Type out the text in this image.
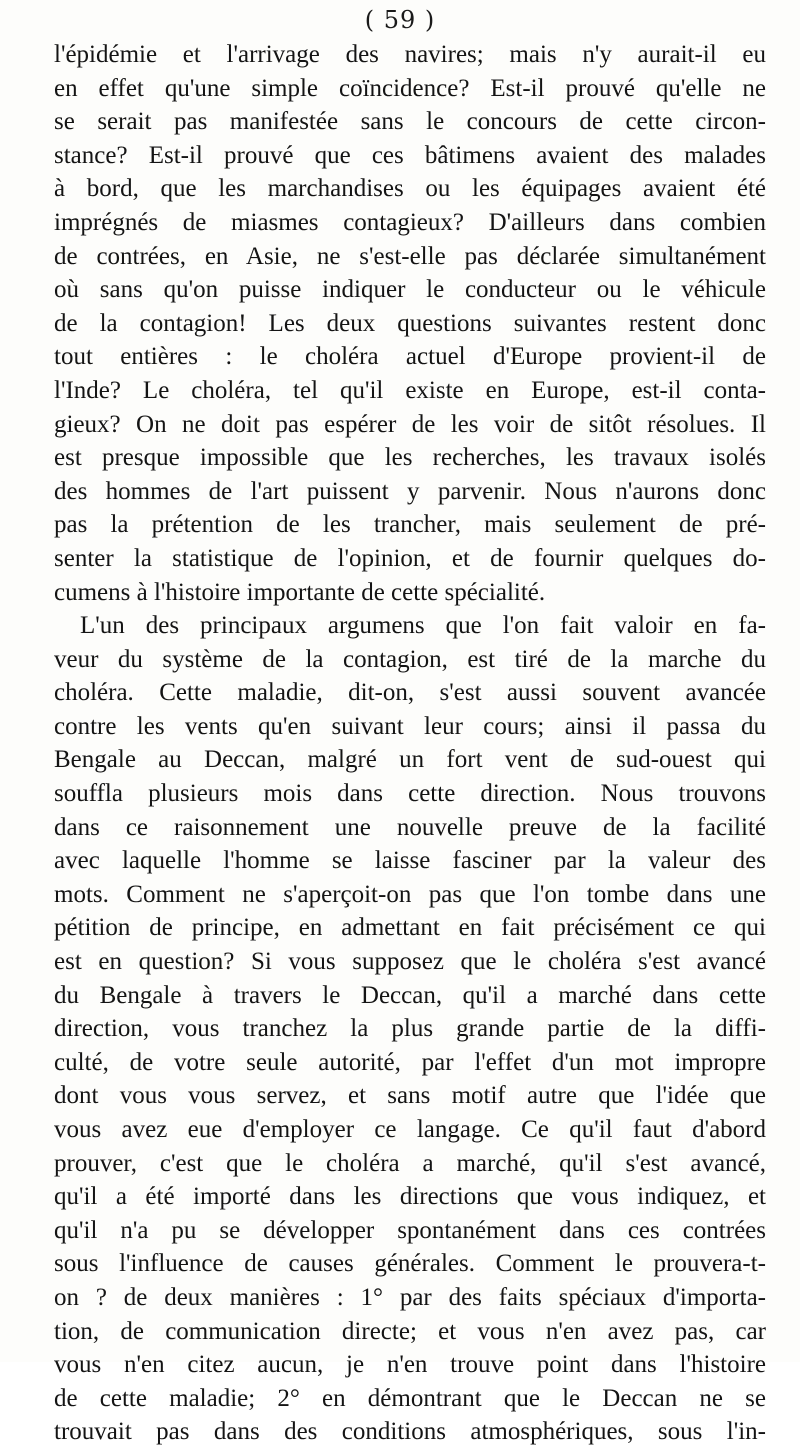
( 59 )
l'épidémie et l'arrivage des navires; mais n'y aurait-il eu
en effet qu'une simple coïncidence? Est-il prouvé qu'elle ne
se serait pas manifestée sans le concours de cette circon-
stance? Est-il prouvé que ces bâtimens avaient des malades
à bord, que les marchandises ou les équipages avaient été
imprégnés de miasmes contagieux? D'ailleurs dans combien
de contrées, en Asie, ne s'est-elle pas déclarée simultanément
où sans qu'on puisse indiquer le conducteur ou le véhicule
de la contagion! Les deux questions suivantes restent donc
tout entières : le choléra actuel d'Europe provient-il de
l'Inde? Le choléra, tel qu'il existe en Europe, est-il conta-
gieux? On ne doit pas espérer de les voir de sitôt résolues. Il
est presque impossible que les recherches, les travaux isolés
des hommes de l'art puissent y parvenir. Nous n'aurons donc
pas la prétention de les trancher, mais seulement de pré-
senter la statistique de l'opinion, et de fournir quelques do-
cumens à l'histoire importante de cette spécialité.
L'un des principaux argumens que l'on fait valoir en fa-
veur du système de la contagion, est tiré de la marche du
choléra. Cette maladie, dit-on, s'est aussi souvent avancée
contre les vents qu'en suivant leur cours; ainsi il passa du
Bengale au Deccan, malgré un fort vent de sud-ouest qui
souffla plusieurs mois dans cette direction. Nous trouvons
dans ce raisonnement une nouvelle preuve de la facilité
avec laquelle l'homme se laisse fasciner par la valeur des
mots. Comment ne s'aperçoit-on pas que l'on tombe dans une
pétition de principe, en admettant en fait précisément ce qui
est en question? Si vous supposez que le choléra s'est avancé
du Bengale à travers le Deccan, qu'il a marché dans cette
direction, vous tranchez la plus grande partie de la diffi-
culté, de votre seule autorité, par l'effet d'un mot impropre
dont vous vous servez, et sans motif autre que l'idée que
vous avez eue d'employer ce langage. Ce qu'il faut d'abord
prouver, c'est que le choléra a marché, qu'il s'est avancé,
qu'il a été importé dans les directions que vous indiquez, et
qu'il n'a pu se développer spontanément dans ces contrées
sous l'influence de causes générales. Comment le prouvera-t-
on ? de deux manières : 1° par des faits spéciaux d'importa-
tion, de communication directe; et vous n'en avez pas, car
vous n'en citez aucun, je n'en trouve point dans l'histoire
de cette maladie; 2° en démontrant que le Deccan ne se
trouvait pas dans des conditions atmosphériques, sous l'in-
